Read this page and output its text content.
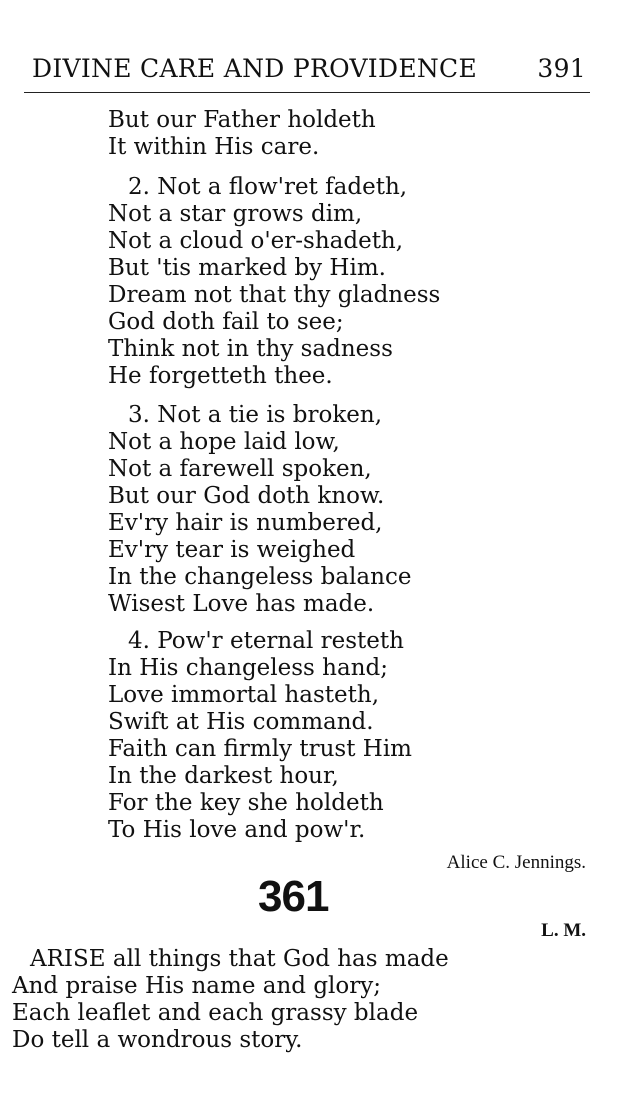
DIVINE CARE AND PROVIDENCE 391
But our Father holdeth
It within His care.
2. Not a flow'ret fadeth,
Not a star grows dim,
Not a cloud o'er-shadeth,
But 'tis marked by Him.
Dream not that thy gladness
God doth fail to see;
Think not in thy sadness
He forgetteth thee.
3. Not a tie is broken,
Not a hope laid low,
Not a farewell spoken,
But our God doth know.
Ev'ry hair is numbered,
Ev'ry tear is weighed
In the changeless balance
Wisest Love has made.
4. Pow'r eternal resteth
In His changeless hand;
Love immortal hasteth,
Swift at His command.
Faith can firmly trust Him
In the darkest hour,
For the key she holdeth
To His love and pow'r.
Alice C. Jennings.
361
L. M.
ARISE all things that God has made
And praise His name and glory;
Each leaflet and each grassy blade
Do tell a wondrous story.
